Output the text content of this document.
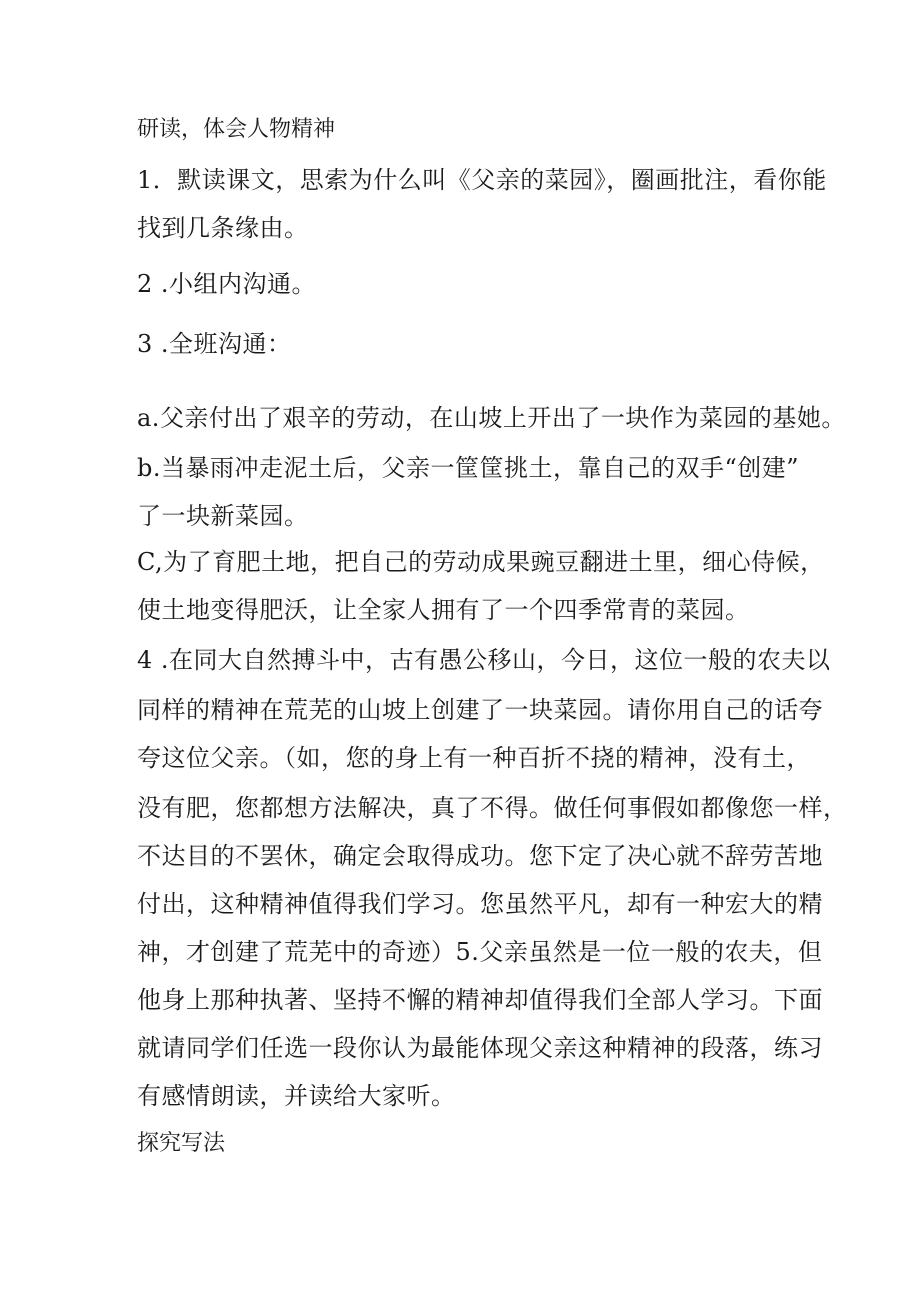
研读，体会人物精神
1．默读课文，思索为什么叫《父亲的菜园》，圈画批注，看你能
找到几条缘由。
2 .小组内沟通。
3 .全班沟通：
a.父亲付出了艰辛的劳动，在山坡上开出了一块作为菜园的基她。
b.当暴雨冲走泥土后，父亲一筐筐挑土，靠自己的双手“创建”
了一块新菜园。
C,为了育肥土地，把自己的劳动成果豌豆翻进土里，细心侍候，
使土地变得肥沃，让全家人拥有了一个四季常青的菜园。
4 .在同大自然搏斗中，古有愚公移山，今日，这位一般的农夫以
同样的精神在荒芜的山坡上创建了一块菜园。请你用自己的话夸
夸这位父亲。（如，您的身上有一种百折不挠的精神，没有土，
没有肥，您都想方法解决，真了不得。做任何事假如都像您一样，
不达目的不罢休，确定会取得成功。您下定了决心就不辞劳苦地
付出，这种精神值得我们学习。您虽然平凡，却有一种宏大的精
神，才创建了荒芜中的奇迹）5.父亲虽然是一位一般的农夫，但
他身上那种执著、坚持不懈的精神却值得我们全部人学习。下面
就请同学们任选一段你认为最能体现父亲这种精神的段落，练习
有感情朗读，并读给大家听。
探究写法
